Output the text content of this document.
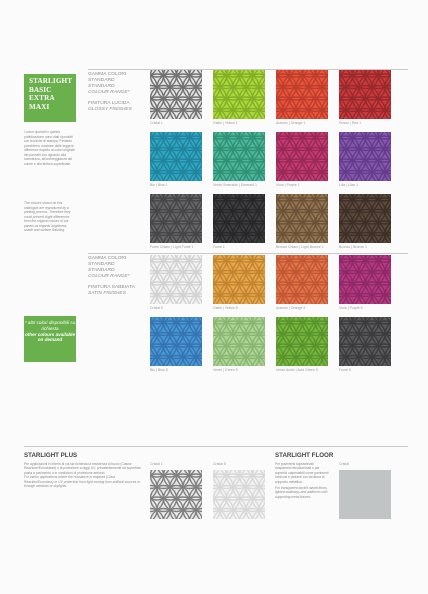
STARLIGHT
BASIC
EXTRA
MAXI
I colori riportati in questa pubblicazione sono stati riprodotti con tecniche di stampa. Pertanto potrebbero mostrare delle leggere differenze rispetto ai colori originali dei pannelli con riguardo alla lucentezza, all'ombreggiatura del colore e alla finitura superficiale.
The colours shown on this catalogue are reproduced by a printing process. Therefore they could present slight differences from the original colours of our panels as regards brightness, shade and surface finishing.
* altri colori disponibili su richiesta
other colours available on demand
GAMMA COLORI
STANDARD
STANDARD
COLOUR RANGE*
FINITURA LUCIDA
GLOSSY FINISHES
GAMMA COLORI
STANDARD
STANDARD
COLOUR RANGE*
FINITURA SABBIATA
SATIN FINISHES
Cristal 1	Giallo | Yellow 1	Arancio | Orange 1	Rosso | Red 1
Blu | Blue 1	Verde Smeraldo | Emerald 1	Viola | Purple 1	Lilla | Lilac 1
Fumè Chiaro | Light Fumè 1	Fumè 1	Bronzo Chiaro | Light Bronze 1	Bronzo | Bronze 1
Cristal 5	Giallo | Yellow 5	Arancio | Orange 5	Viola | Purple 5
Blu | Blue 5	Verde | Green 5	Verde Acido | Acid Green 5	Fumè 5
Cristal 1	Cristal 5	Cristal
STARLIGHT PLUS
Per applicazioni in interni di cui sia richiesta la resistenza al fuoco (Classe Reazione/Euroclasse) o la protezione a raggi UV, prevalentemente da superficie posta a pavimento o in condizioni di protezione antiurto.
For indoor applications where fire resistance is required (Class Reaction/Euroclass) or UV protection from light coming from artificial sources or through windows or skylights.
STARLIGHT FLOOR
Per pavimenti sopraelevati trasparenti retroilluminati o per superfici calpestabili come pavimenti luminosi e pedane con struttura di supporto metallica.
For transparent backlit raised floors, lighted walkways and platforms with supporting metal frames.
